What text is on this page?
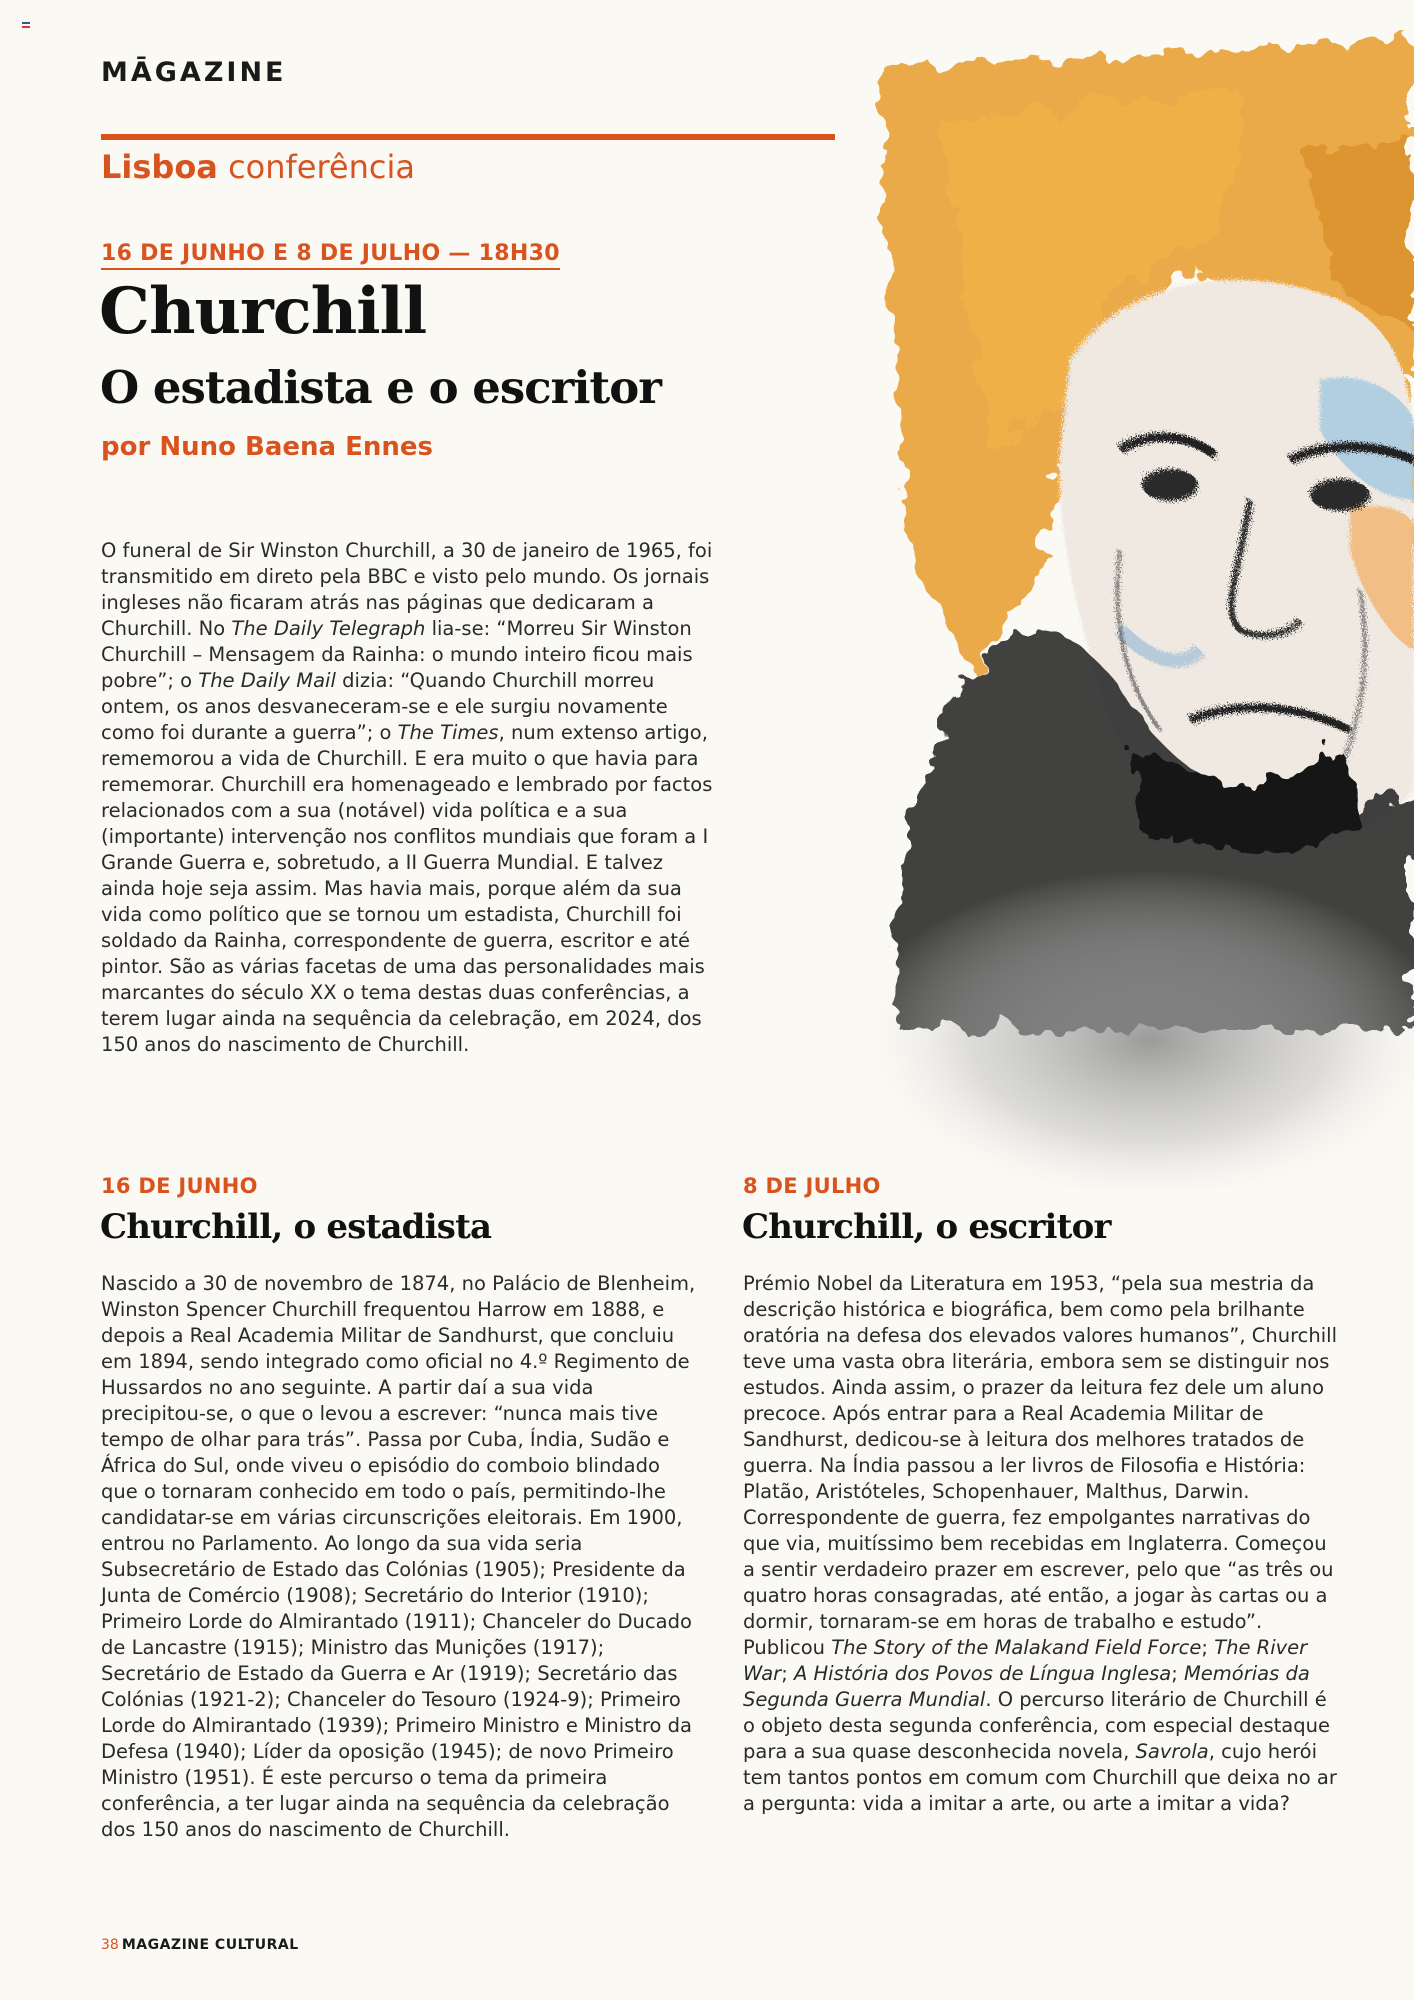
MĀGAZINE
Lisboa conferência
16 DE JUNHO E 8 DE JULHO — 18H30
Churchill
O estadista e o escritor
por Nuno Baena Ennes

O funeral de Sir Winston Churchill, a 30 de janeiro de 1965, foi transmitido em direto pela BBC e visto pelo mundo. Os jornais ingleses não ficaram atrás nas páginas que dedicaram a Churchill. No The Daily Telegraph lia-se: “Morreu Sir Winston Churchill – Mensagem da Rainha: o mundo inteiro ficou mais pobre”; o The Daily Mail dizia: “Quando Churchill morreu ontem, os anos desvaneceram-se e ele surgiu novamente como foi durante a guerra”; o The Times, num extenso artigo, rememorou a vida de Churchill. E era muito o que havia para rememorar. Churchill era homenageado e lembrado por factos relacionados com a sua (notável) vida política e a sua (importante) intervenção nos conflitos mundiais que foram a I Grande Guerra e, sobretudo, a II Guerra Mundial. E talvez ainda hoje seja assim. Mas havia mais, porque além da sua vida como político que se tornou um estadista, Churchill foi soldado da Rainha, correspondente de guerra, escritor e até pintor. São as várias facetas de uma das personalidades mais marcantes do século XX o tema destas duas conferências, a terem lugar ainda na sequência da celebração, em 2024, dos 150 anos do nascimento de Churchill.

16 DE JUNHO
Churchill, o estadista

Nascido a 30 de novembro de 1874, no Palácio de Blenheim, Winston Spencer Churchill frequentou Harrow em 1888, e depois a Real Academia Militar de Sandhurst, que concluiu em 1894, sendo integrado como oficial no 4.º Regimento de Hussardos no ano seguinte. A partir daí a sua vida precipitou-se, o que o levou a escrever: “nunca mais tive tempo de olhar para trás”. Passa por Cuba, Índia, Sudão e África do Sul, onde viveu o episódio do comboio blindado que o tornaram conhecido em todo o país, permitindo-lhe candidatar-se em várias circunscrições eleitorais. Em 1900, entrou no Parlamento. Ao longo da sua vida seria Subsecretário de Estado das Colónias (1905); Presidente da Junta de Comércio (1908); Secretário do Interior (1910); Primeiro Lorde do Almirantado (1911); Chanceler do Ducado de Lancastre (1915); Ministro das Munições (1917); Secretário de Estado da Guerra e Ar (1919); Secretário das Colónias (1921-2); Chanceler do Tesouro (1924-9); Primeiro Lorde do Almirantado (1939); Primeiro Ministro e Ministro da Defesa (1940); Líder da oposição (1945); de novo Primeiro Ministro (1951). É este percurso o tema da primeira conferência, a ter lugar ainda na sequência da celebração dos 150 anos do nascimento de Churchill.

8 DE JULHO
Churchill, o escritor

Prémio Nobel da Literatura em 1953, “pela sua mestria da descrição histórica e biográfica, bem como pela brilhante oratória na defesa dos elevados valores humanos”, Churchill teve uma vasta obra literária, embora sem se distinguir nos estudos. Ainda assim, o prazer da leitura fez dele um aluno precoce. Após entrar para a Real Academia Militar de Sandhurst, dedicou-se à leitura dos melhores tratados de guerra. Na Índia passou a ler livros de Filosofia e História: Platão, Aristóteles, Schopenhauer, Malthus, Darwin. Correspondente de guerra, fez empolgantes narrativas do que via, muitíssimo bem recebidas em Inglaterra. Começou a sentir verdadeiro prazer em escrever, pelo que “as três ou quatro horas consagradas, até então, a jogar às cartas ou a dormir, tornaram-se em horas de trabalho e estudo”. Publicou The Story of the Malakand Field Force; The River War; A História dos Povos de Língua Inglesa; Memórias da Segunda Guerra Mundial. O percurso literário de Churchill é o objeto desta segunda conferência, com especial destaque para a sua quase desconhecida novela, Savrola, cujo herói tem tantos pontos em comum com Churchill que deixa no ar a pergunta: vida a imitar a arte, ou arte a imitar a vida?

38 MAGAZINE CULTURAL
